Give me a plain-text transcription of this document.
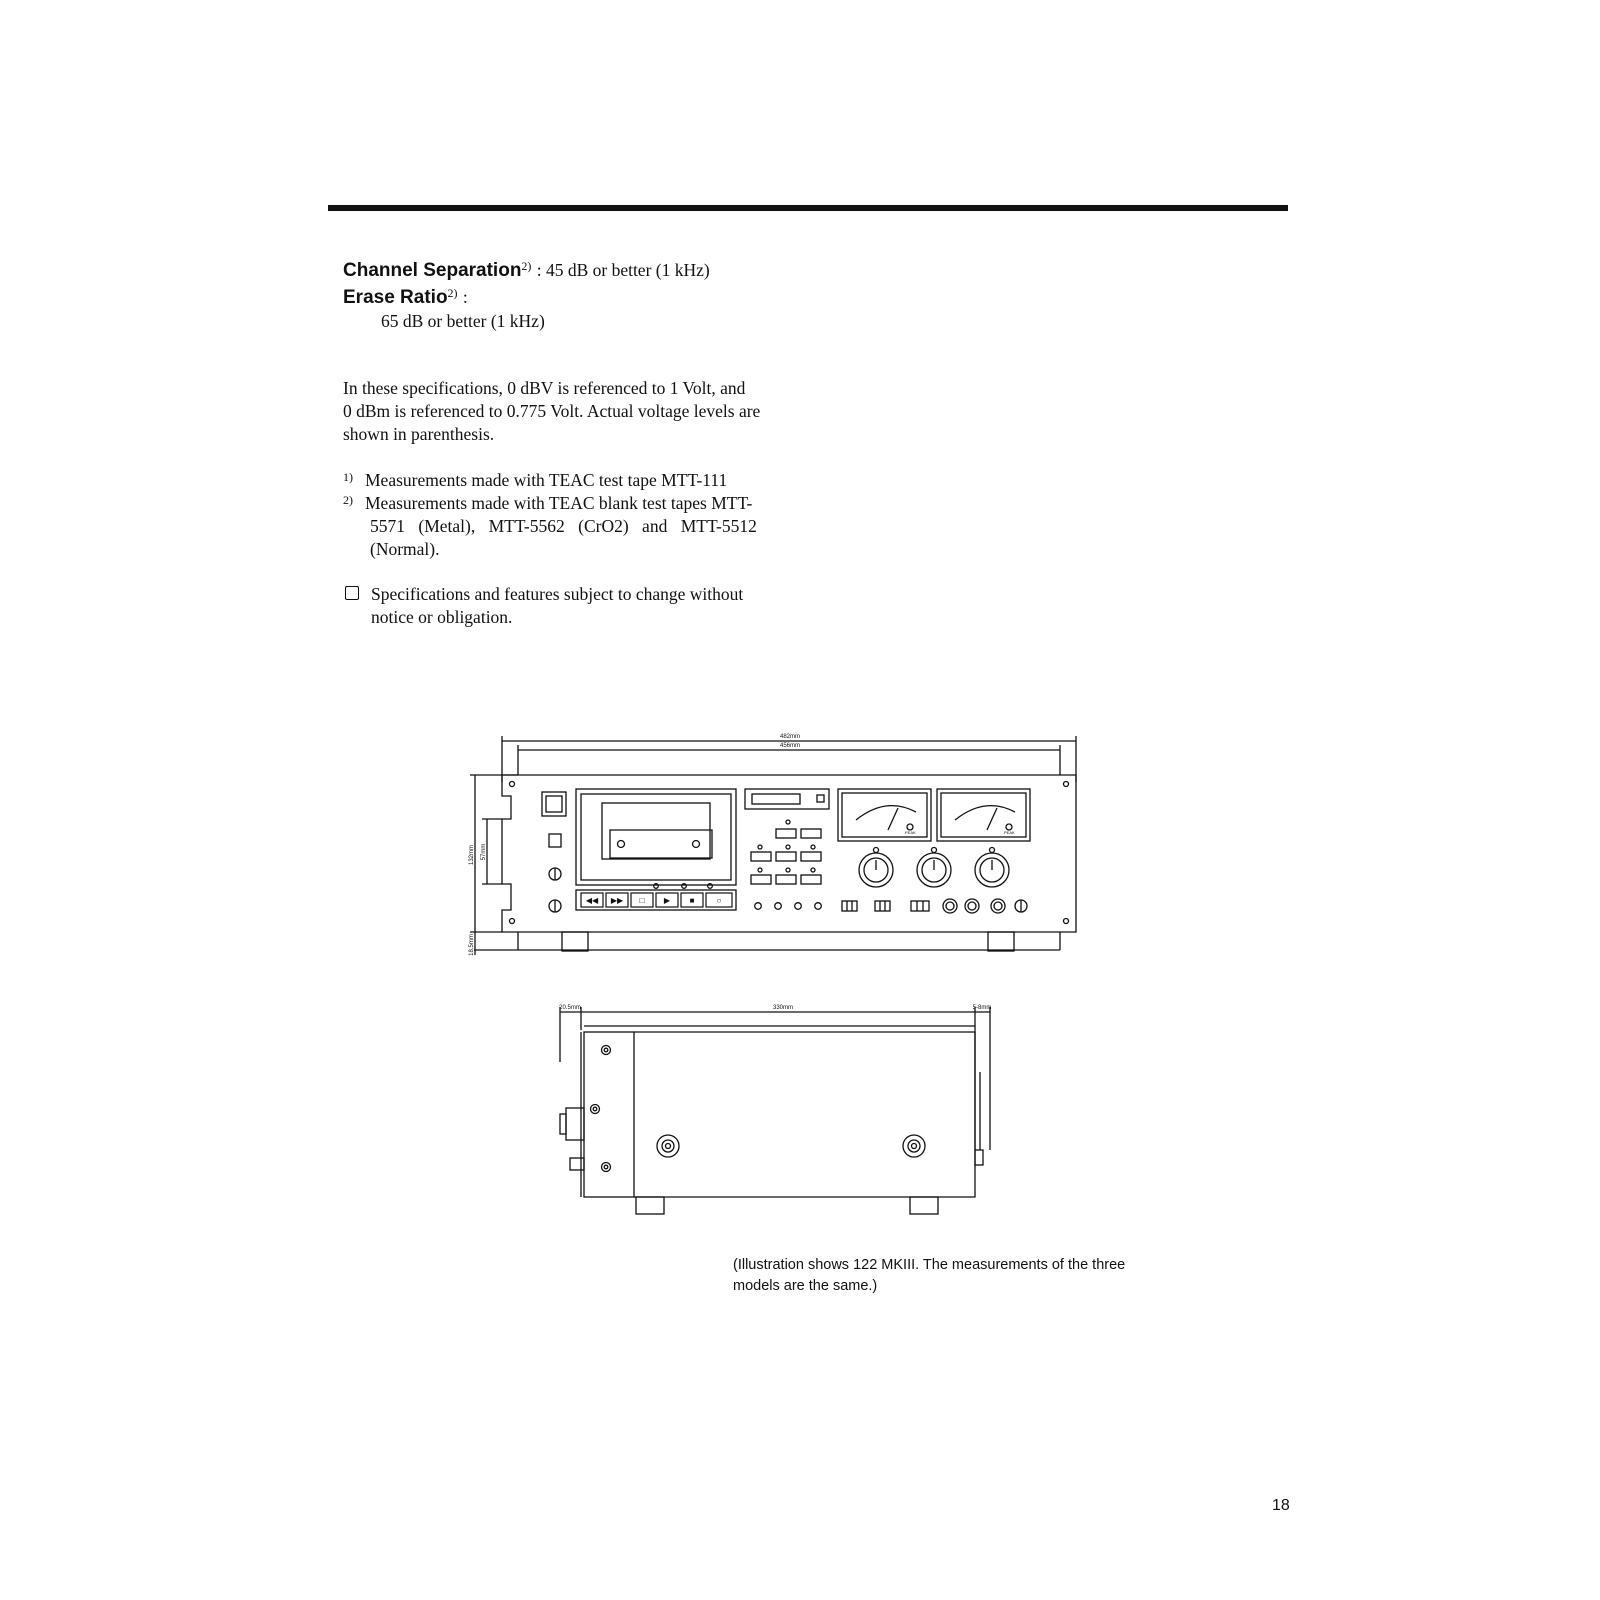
Channel Separation$^{2)}$ : 45 dB or better (1 kHz)
Erase Ratio$^{2)}$ :
65 dB or better (1 kHz)
In these specifications, 0 dBV is referenced to 1 Volt, and
0 dBm is referenced to 0.775 Volt. Actual voltage levels are
shown in parenthesis.
1) Measurements made with TEAC test tape MTT-111
2) Measurements made with TEAC blank test tapes MTT-
5571 (Metal), MTT-5562 (CrO2) and MTT-5512
(Normal).
Specifications and features subject to change without
notice or obligation.
◀◀ ▶▶ □ ▶ ■	○
PEAK	PEAK
482mm
456mm
132mm 57mm
18.5mm
20.5mm	330mm	5-8mm
(Illustration shows 122 MKIII. The measurements of the three
models are the same.)
18
